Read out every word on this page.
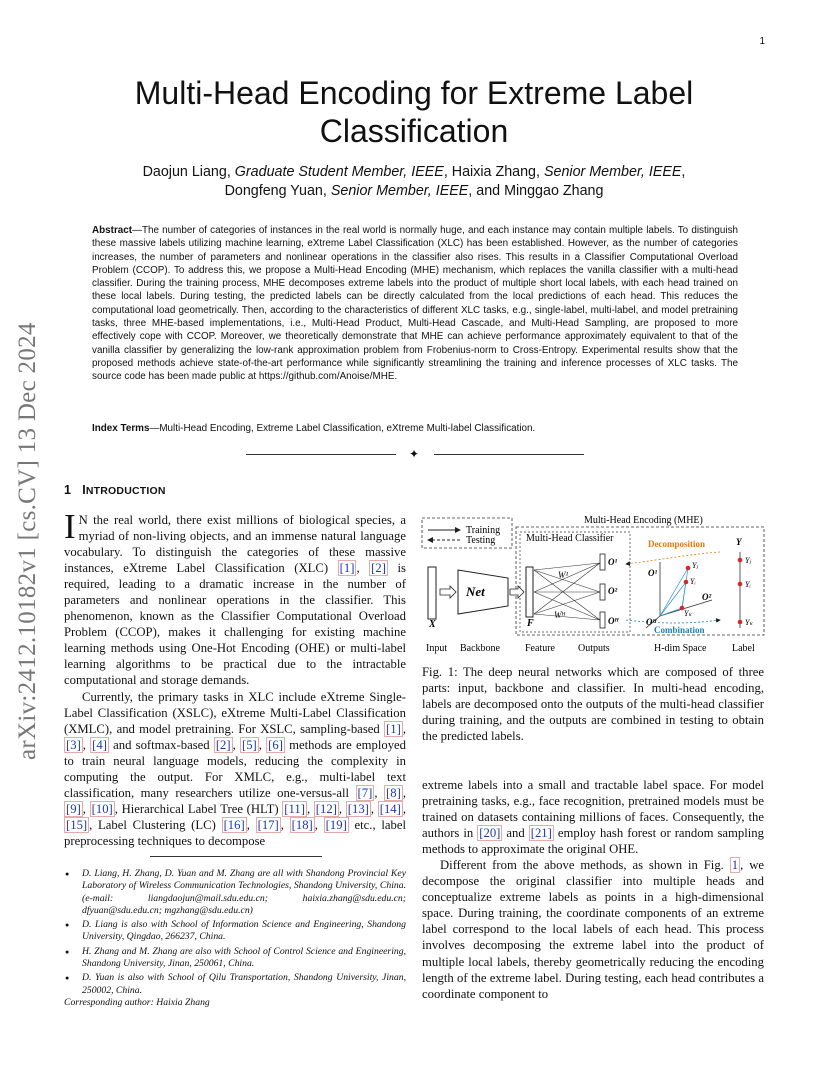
1
Multi-Head Encoding for Extreme Label
Classification
Daojun Liang, Graduate Student Member, IEEE, Haixia Zhang, Senior Member, IEEE,
Dongfeng Yuan, Senior Member, IEEE, and Minggao Zhang
Abstract—The number of categories of instances in the real world is normally huge, and each instance may contain multiple labels. To distinguish these massive labels utilizing machine learning, eXtreme Label Classification (XLC) has been established. However, as the number of categories increases, the number of parameters and nonlinear operations in the classifier also rises. This results in a Classifier Computational Overload Problem (CCOP). To address this, we propose a Multi-Head Encoding (MHE) mechanism, which replaces the vanilla classifier with a multi-head classifier. During the training process, MHE decomposes extreme labels into the product of multiple short local labels, with each head trained on these local labels. During testing, the predicted labels can be directly calculated from the local predictions of each head. This reduces the computational load geometrically. Then, according to the characteristics of different XLC tasks, e.g., single-label, multi-label, and model pretraining tasks, three MHE-based implementations, i.e., Multi-Head Product, Multi-Head Cascade, and Multi-Head Sampling, are proposed to more effectively cope with CCOP. Moreover, we theoretically demonstrate that MHE can achieve performance approximately equivalent to that of the vanilla classifier by generalizing the low-rank approximation problem from Frobenius-norm to Cross-Entropy. Experimental results show that the proposed methods achieve state-of-the-art performance while significantly streamlining the training and inference processes of XLC tasks. The source code has been made public at https://github.com/Anoise/MHE.
Index Terms—Multi-Head Encoding, Extreme Label Classification, eXtreme Multi-label Classification.
✦
arXiv:2412.10182v1 [cs.CV] 13 Dec 2024 1 INTRODUCTION

I N the real world, there exist millions of biological species, a myriad of non-living objects, and an immense natural language vocabulary. To distinguish the categories of these massive instances, eXtreme Label Classification (XLC) [1] , [2] is required, leading to a dramatic increase in the number of parameters and nonlinear operations in the classifier. This phenomenon, known as the Classifier Computational Overload Problem (CCOP), makes it challenging for existing machine learning methods using One-Hot Encoding (OHE) or multi-label learning algorithms to be practical due to the intractable computational and storage demands.

Currently, the primary tasks in XLC include eXtreme Single-Label Classification (XSLC), eXtreme Multi-Label Classification (XMLC), and model pretraining. For XSLC, sampling-based [1] , [3] , [4] and softmax-based [2] , [5] , [6] methods are employed to train neural language models, reducing the complexity in computing the output. For XMLC, e.g., multi-label text classification, many researchers utilize one-versus-all [7] , [8] , [9] , [10] , Hierarchical Label Tree (HLT) [11] , [12] , [13] , [14] , [15] , Label Clustering (LC) [16] , [17] , [18] , [19] etc., label preprocessing techniques to decompose

● D. Liang, H. Zhang, D. Yuan and M. Zhang are all with Shandong Provincial Key Laboratory of Wireless Communication Technologies, Shandong University, China. (e-mail: liangdaojun@mail.sdu.edu.cn; haixia.zhang@sdu.edu.cn; dfyuan@sdu.edu.cn; mgzhang@sdu.edu.cn)
● D. Liang is also with School of Information Science and Engineering, Shandong University, Qingdao, 266237, China.
● H. Zhang and M. Zhang are also with School of Control Science and Engineering, Shandong University, Jinan, 250061, China.
● D. Yuan is also with School of Qilu Transportation, Shandong University, Jinan, 250002, China.
Corresponding author: Haixia Zhang
Training
Testing
Multi-Head Encoding (MHE)
Multi-Head Classifier
X
Net
F
W¹
Wᴴ
O¹
O²
Oᴴ
Decomposition
Combination
O¹
O²
Oᴴ
Yⱼ
Yᵢ
Yₖ
Y
Yⱼ
Yᵢ
Yₖ
Input Backbone	Feature Outputs	H-dim Space	Label
Fig. 1: The deep neural networks which are composed of three parts: input, backbone and classifier. In multi-head encoding, labels are decomposed onto the outputs of the multi-head classifier during training, and the outputs are combined in testing to obtain the predicted labels.

extreme labels into a small and tractable label space. For model pretraining tasks, e.g., face recognition, pretrained models must be trained on datasets containing millions of faces. Consequently, the authors in [20] and [21] employ hash forest or random sampling methods to approximate the original OHE.

Different from the above methods, as shown in Fig. 1 , we decompose the original classifier into multiple heads and conceptualize extreme labels as points in a high-dimensional space. During training, the coordinate components of an extreme label correspond to the local labels of each head. This process involves decomposing the extreme label into the product of multiple local labels, thereby geometrically reducing the encoding length of the extreme label. During testing, each head contributes a coordinate component to
